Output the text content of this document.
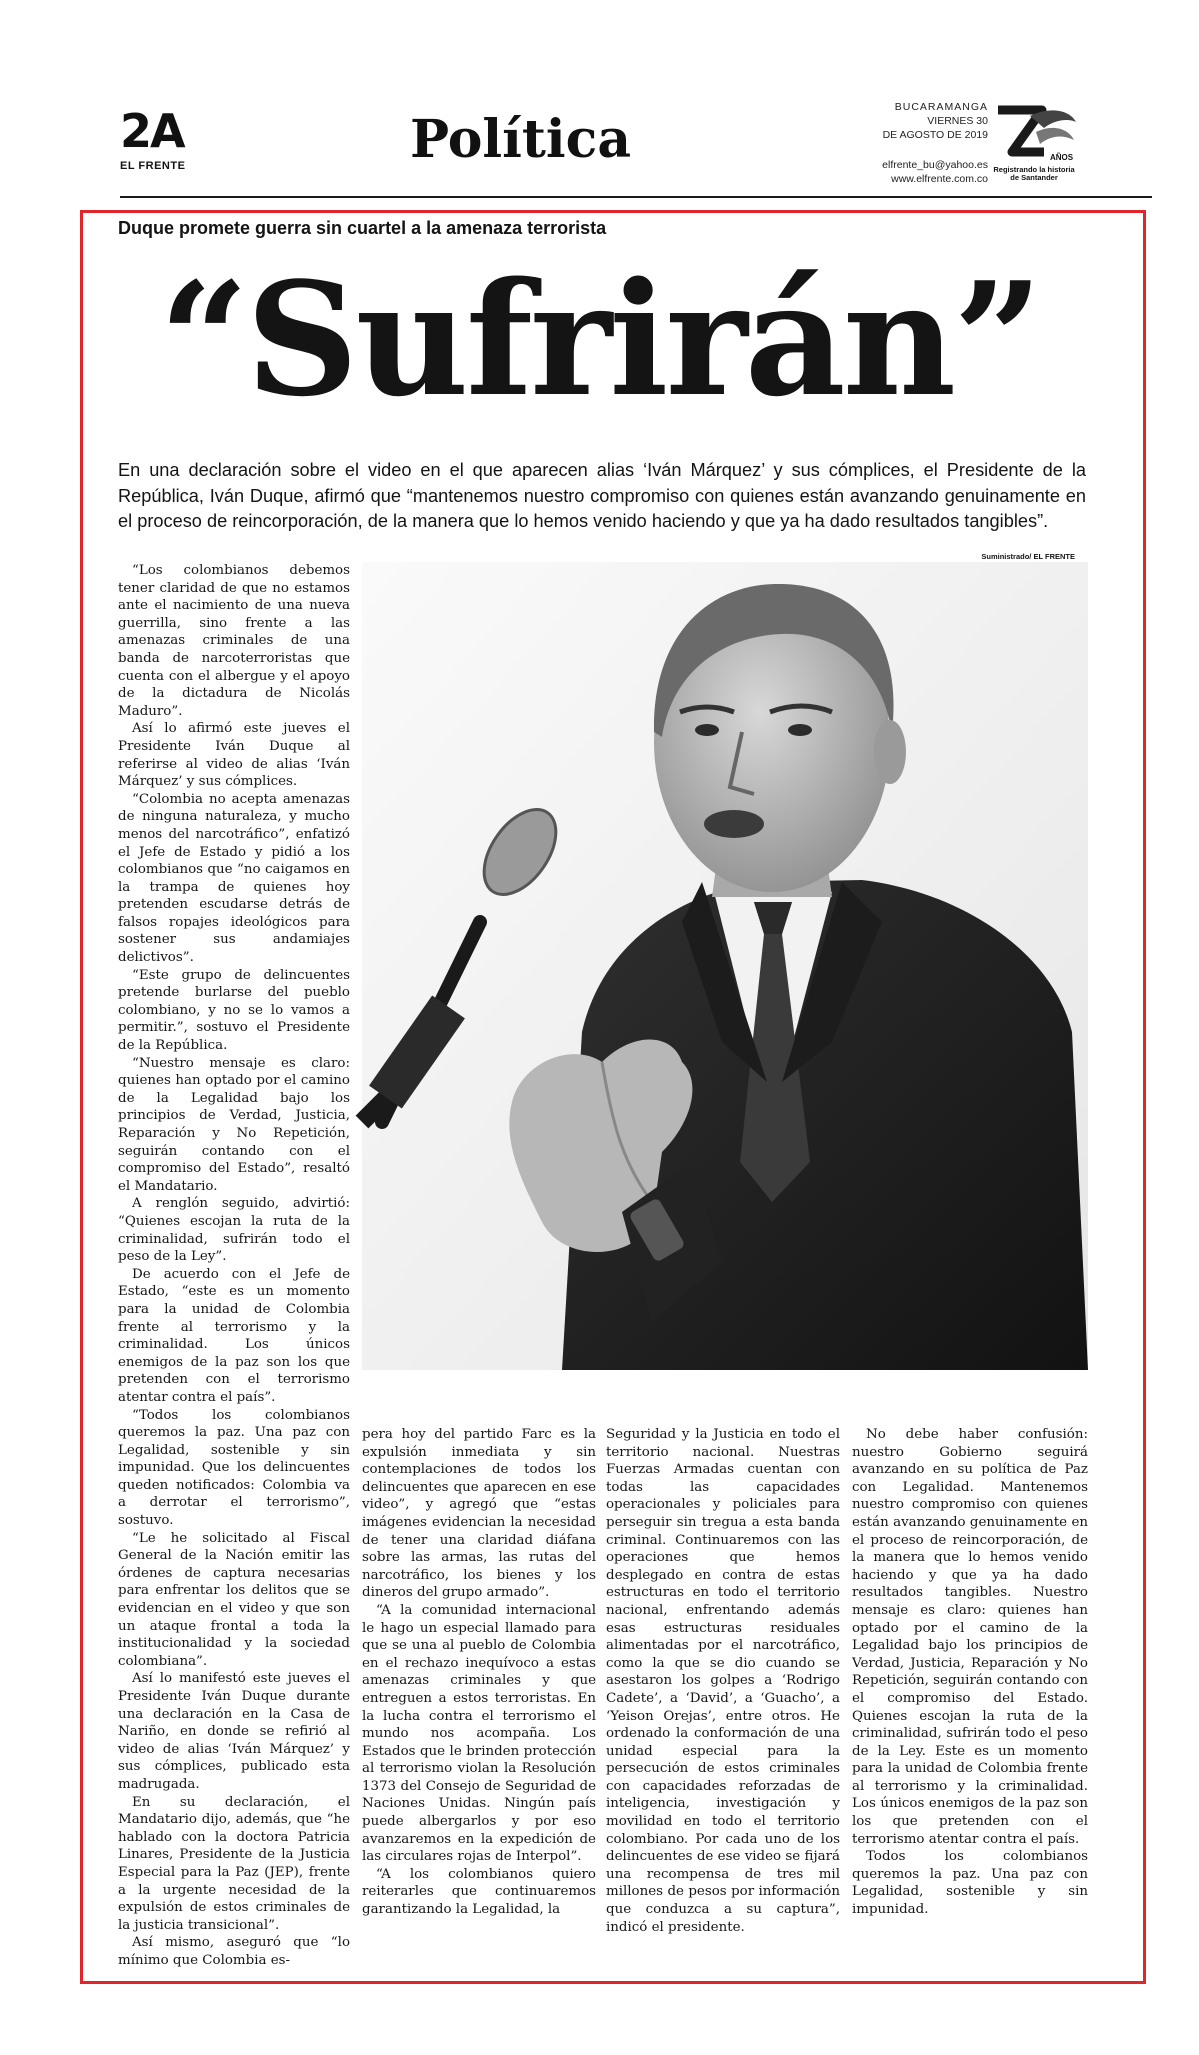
2A
EL FRENTE	Política
BUCARAMANGA
VIERNES 30
DE AGOSTO DE 2019
elfrente_bu@yahoo.es
www.elfrente.com.co
AÑOS
Registrando la historia
de Santander
Duque promete guerra sin cuartel a la amenaza terrorista
“Sufrirán”
En una declaración sobre el video en el que aparecen alias ‘Iván Márquez’ y sus cómplices, el Presidente de la República, Iván Duque, afirmó que “mantenemos nuestro compromiso con quienes están avanzando genuinamente en el proceso de reincorporación, de la manera que lo hemos venido haciendo y que ya ha dado resultados tangibles”.
Suministrado/ EL FRENTE

“Los colombianos debemos tener claridad de que no estamos ante el nacimiento de una nueva guerrilla, sino frente a las amenazas criminales de una banda de narcoterroristas que cuenta con el albergue y el apoyo de la dictadura de Nicolás Maduro”.

Así lo afirmó este jueves el Presidente Iván Duque al referirse al video de alias ‘Iván Márquez’ y sus cómplices.

“Colombia no acepta amenazas de ninguna naturaleza, y mucho menos del narcotráfico”, enfatizó el Jefe de Estado y pidió a los colombianos que “no caigamos en la trampa de quienes hoy pretenden escudarse detrás de falsos ropajes ideológicos para sostener sus andamiajes delictivos”.

“Este grupo de delincuentes pretende burlarse del pueblo colombiano, y no se lo vamos a permitir.”, sostuvo el Presidente de la República.

“Nuestro mensaje es claro: quienes han optado por el camino de la Legalidad bajo los principios de Verdad, Justicia, Reparación y No Repetición, seguirán contando con el compromiso del Estado”, resaltó el Mandatario.

A renglón seguido, advirtió: “Quienes escojan la ruta de la criminalidad, sufrirán todo el peso de la Ley”.

De acuerdo con el Jefe de Estado, “este es un momento para la unidad de Colombia frente al terrorismo y la criminalidad. Los únicos enemigos de la paz son los que pretenden con el terrorismo atentar contra el país”.

“Todos los colombianos queremos la paz. Una paz con Legalidad, sostenible y sin impunidad. Que los delincuentes queden notificados: Colombia va a derrotar el terrorismo”, sostuvo.

“Le he solicitado al Fiscal General de la Nación emitir las órdenes de captura necesarias para enfrentar los delitos que se evidencian en el video y que son un ataque frontal a toda la institucionalidad y la sociedad colombiana”.

Así lo manifestó este jueves el Presidente Iván Duque durante una declaración en la Casa de Nariño, en donde se refirió al video de alias ‘Iván Márquez’ y sus cómplices, publicado esta madrugada.

En su declaración, el Mandatario dijo, además, que “he hablado con la doctora Patricia Linares, Presidente de la Justicia Especial para la Paz (JEP), frente a la urgente necesidad de la expulsión de estos criminales de la justicia transicional”.

Así mismo, aseguró que “lo mínimo que Colombia es-

pera hoy del partido Farc es la expulsión inmediata y sin contemplaciones de todos los delincuentes que aparecen en ese video”, y agregó que “estas imágenes evidencian la necesidad de tener una claridad diáfana sobre las armas, las rutas del narcotráfico, los bienes y los dineros del grupo armado”.

“A la comunidad internacional le hago un especial llamado para que se una al pueblo de Colombia en el rechazo inequívoco a estas amenazas criminales y que entreguen a estos terroristas. En la lucha contra el terrorismo el mundo nos acompaña. Los Estados que le brinden protección al terrorismo violan la Resolución 1373 del Consejo de Seguridad de Naciones Unidas. Ningún país puede albergarlos y por eso avanzaremos en la expedición de las circulares rojas de Interpol”.

“A los colombianos quiero reiterarles que continuaremos garantizando la Legalidad, la

Seguridad y la Justicia en todo el territorio nacional. Nuestras Fuerzas Armadas cuentan con todas las capacidades operacionales y policiales para perseguir sin tregua a esta banda criminal. Continuaremos con las operaciones que hemos desplegado en contra de estas estructuras en todo el territorio nacional, enfrentando además esas estructuras residuales alimentadas por el narcotráfico, como la que se dio cuando se asestaron los golpes a ‘Rodrigo Cadete’, a ‘David’, a ‘Guacho’, a ‘Yeison Orejas’, entre otros. He ordenado la conformación de una unidad especial para la persecución de estos criminales con capacidades reforzadas de inteligencia, investigación y movilidad en todo el territorio colombiano. Por cada uno de los delincuentes de ese video se fijará una recompensa de tres mil millones de pesos por información que conduzca a su captura”, indicó el presidente.

No debe haber confusión: nuestro Gobierno seguirá avanzando en su política de Paz con Legalidad. Mantenemos nuestro compromiso con quienes están avanzando genuinamente en el proceso de reincorporación, de la manera que lo hemos venido haciendo y que ya ha dado resultados tangibles. Nuestro mensaje es claro: quienes han optado por el camino de la Legalidad bajo los principios de Verdad, Justicia, Reparación y No Repetición, seguirán contando con el compromiso del Estado. Quienes escojan la ruta de la criminalidad, sufrirán todo el peso de la Ley. Este es un momento para la unidad de Colombia frente al terrorismo y la criminalidad. Los únicos enemigos de la paz son los que pretenden con el terrorismo atentar contra el país.

Todos los colombianos queremos la paz. Una paz con Legalidad, sostenible y sin impunidad.
